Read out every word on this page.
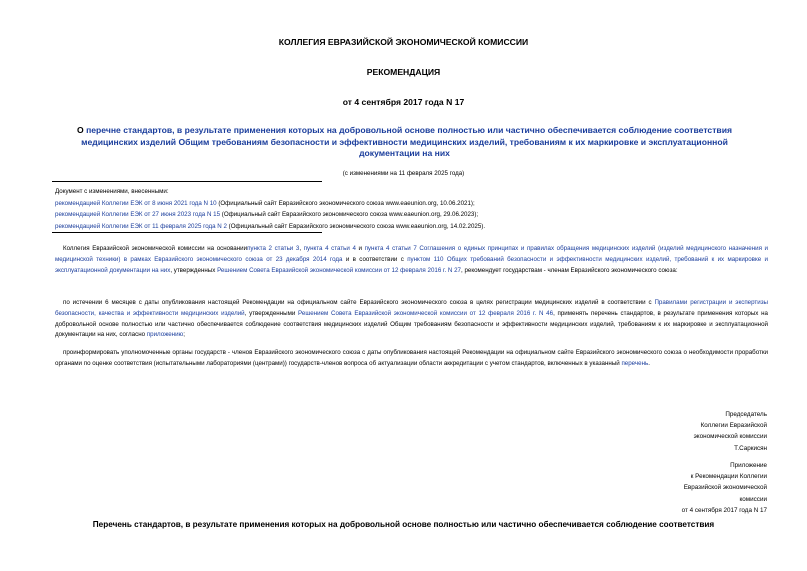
КОЛЛЕГИЯ ЕВРАЗИЙСКОЙ ЭКОНОМИЧЕСКОЙ КОМИССИИ
РЕКОМЕНДАЦИЯ
от 4 сентября 2017 года N 17
О перечне стандартов, в результате применения которых на добровольной основе полностью или частично обеспечивается соблюдение соответствия медицинских изделий Общим требованиям безопасности и эффективности медицинских изделий, требованиям к их маркировке и эксплуатационной документации на них
(с изменениями на 11 февраля 2025 года)
Документ с изменениями, внесенными:
рекомендацией Коллегии ЕЭК от 8 июня 2021 года N 10 (Официальный сайт Евразийского экономического союза www.eaeunion.org, 10.06.2021);
рекомендацией Коллегии ЕЭК от 27 июня 2023 года N 15 (Официальный сайт Евразийского экономического союза www.eaeunion.org, 29.06.2023);
рекомендацией Коллегии ЕЭК от 11 февраля 2025 года N 2 (Официальный сайт Евразийского экономического союза www.eaeunion.org, 14.02.2025).
Коллегия Евразийской экономической комиссии на основаниипункта 2 статьи 3, пункта 4 статьи 4 и пункта 4 статьи 7 Соглашения о единых принципах и правилах обращения медицинских изделий (изделий медицинского назначения и медицинской техники) в рамках Евразийского экономического союза от 23 декабря 2014 года и в соответствии с пунктом 110 Общих требований безопасности и эффективности медицинских изделий, требований к их маркировке и эксплуатационной документации на них, утвержденных Решением Совета Евразийской экономической комиссии от 12 февраля 2016 г. N 27, рекомендует государствам - членам Евразийского экономического союза:
по истечении 6 месяцев с даты опубликования настоящей Рекомендации на официальном сайте Евразийского экономического союза в целях регистрации медицинских изделий в соответствии с Правилами регистрации и экспертизы безопасности, качества и эффективности медицинских изделий, утвержденными Решением Совета Евразийской экономической комиссии от 12 февраля 2016 г. N 46, применять перечень стандартов, в результате применения которых на добровольной основе полностью или частично обеспечивается соблюдение соответствия медицинских изделий Общим требованиям безопасности и эффективности медицинских изделий, требованиям к их маркировке и эксплуатационной документации на них, согласно приложению;
проинформировать уполномоченные органы государств - членов Евразийского экономического союза с даты опубликования настоящей Рекомендации на официальном сайте Евразийского экономического союза о необходимости проработки органами по оценке соответствия (испытательными лабораториями (центрами)) государств-членов вопроса об актуализации области аккредитации с учетом стандартов, включенных в указанный перечень.
Председатель
Коллегии Евразийской
экономической комиссии
Т.Саркисян
Приложение
к Рекомендации Коллегии
Евразийской экономической
комиссии
от 4 сентября 2017 года N 17
Перечень стандартов, в результате применения которых на добровольной основе полностью или частично обеспечивается соблюдение соответствия
